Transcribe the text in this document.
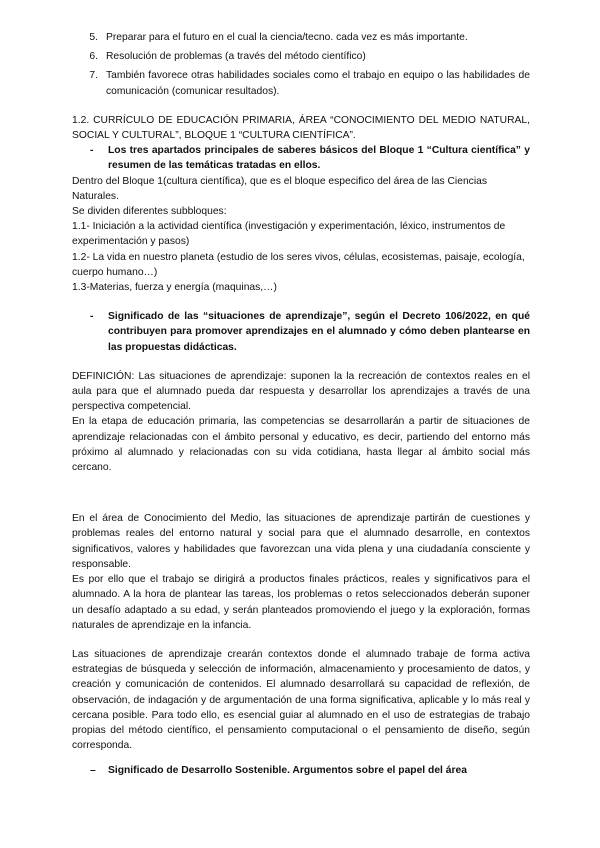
5. Preparar para el futuro en el cual la ciencia/tecno. cada vez es más importante.
6. Resolución de problemas (a través del método científico)
7. También favorece otras habilidades sociales como el trabajo en equipo o las habilidades de comunicación (comunicar resultados).

1.2. CURRÍCULO DE EDUCACIÓN PRIMARIA, ÁREA “CONOCIMIENTO DEL MEDIO NATURAL, SOCIAL Y CULTURAL”, BLOQUE 1 “CULTURA CIENTÍFICA”.

-	Los tres apartados principales de saberes básicos del Bloque 1 “Cultura científica” y resumen de las temáticas tratadas en ellos.

Dentro del Bloque 1(cultura científica), que es el bloque especifico del área de las Ciencias Naturales.

Se dividen diferentes subbloques:

1.1- Iniciación a la actividad científica (investigación y experimentación, léxico, instrumentos de experimentación y pasos)

1.2- La vida en nuestro planeta (estudio de los seres vivos, células, ecosistemas, paisaje, ecología, cuerpo humano…)

1.3-Materias, fuerza y energía (maquinas,…)

-	Significado de las “situaciones de aprendizaje”, según el Decreto 106/2022, en qué contribuyen para promover aprendizajes en el alumnado y cómo deben plantearse en las propuestas didácticas.

DEFINICIÓN: Las situaciones de aprendizaje: suponen la la recreación de contextos reales en el aula para que el alumnado pueda dar respuesta y desarrollar los aprendizajes a través de una perspectiva competencial.

En la etapa de educación primaria, las competencias se desarrollarán a partir de situaciones de aprendizaje relacionadas con el ámbito personal y educativo, es decir, partiendo del entorno más próximo al alumnado y relacionadas con su vida cotidiana, hasta llegar al ámbito social más cercano.

En el área de Conocimiento del Medio, las situaciones de aprendizaje partirán de cuestiones y problemas reales del entorno natural y social para que el alumnado desarrolle, en contextos significativos, valores y habilidades que favorezcan una vida plena y una ciudadanía consciente y responsable.

Es por ello que el trabajo se dirigirá a productos finales prácticos, reales y significativos para el alumnado. A la hora de plantear las tareas, los problemas o retos seleccionados deberán suponer un desafío adaptado a su edad, y serán planteados promoviendo el juego y la exploración, formas naturales de aprendizaje en la infancia.

Las situaciones de aprendizaje crearán contextos donde el alumnado trabaje de forma activa estrategias de búsqueda y selección de información, almacenamiento y procesamiento de datos, y creación y comunicación de contenidos. El alumnado desarrollará su capacidad de reflexión, de observación, de indagación y de argumentación de una forma significativa, aplicable y lo más real y cercana posible. Para todo ello, es esencial guiar al alumnado en el uso de estrategias de trabajo propias del método científico, el pensamiento computacional o el pensamiento de diseño, según corresponda.

–	Significado de Desarrollo Sostenible. Argumentos sobre el papel del área
